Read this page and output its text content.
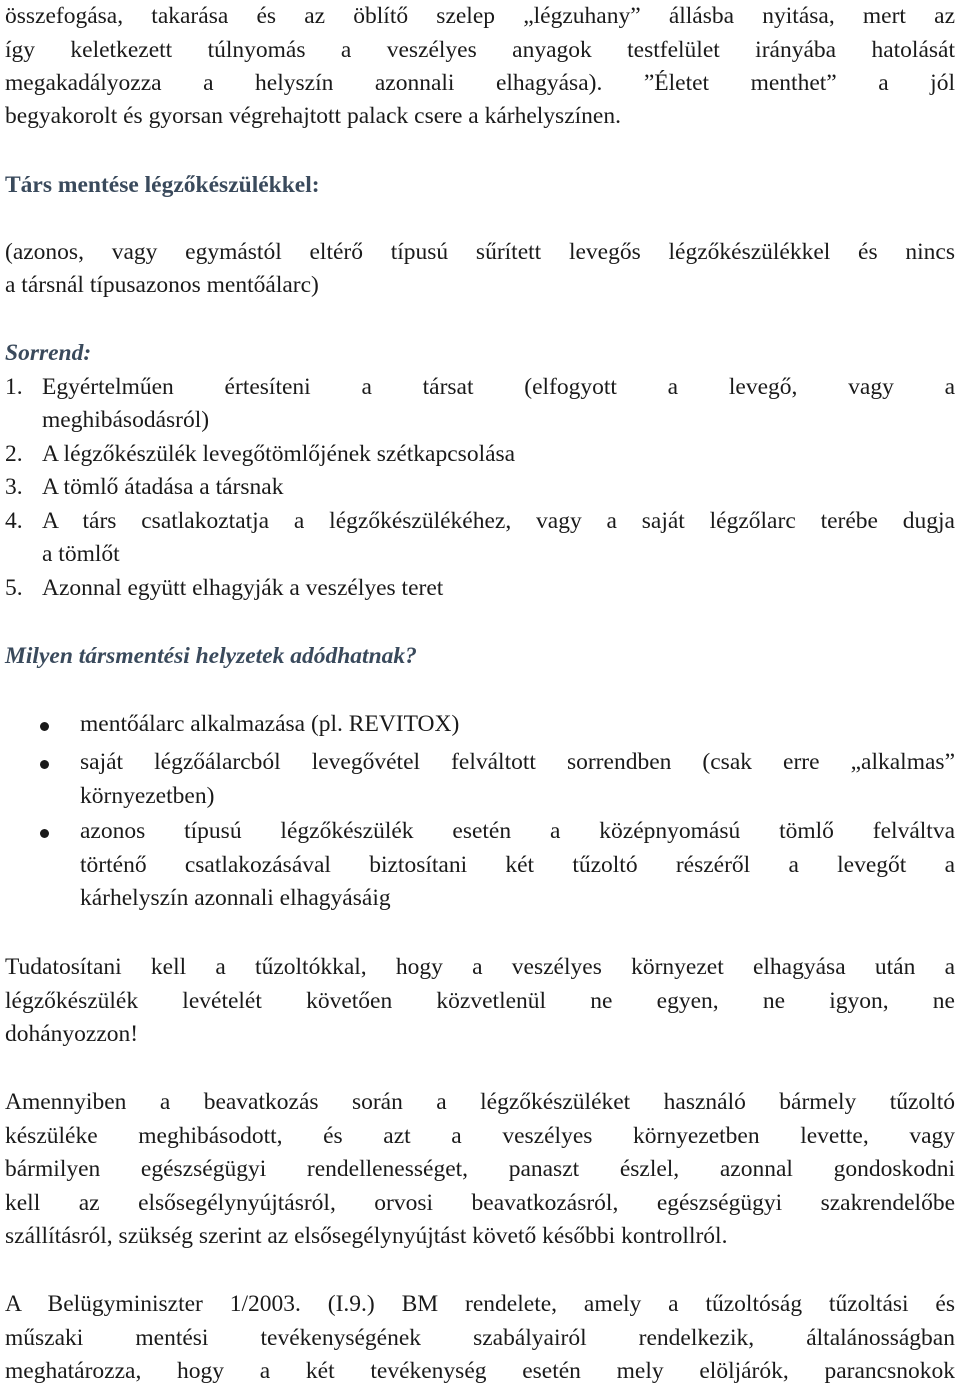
összefogása, takarása és az öblítő szelep „légzuhany” állásba nyitása, mert az
így keletkezett túlnyomás a veszélyes anyagok testfelület irányába hatolását
megakadályozza a helyszín azonnali elhagyása). ”Életet menthet” a jól
begyakorolt és gyorsan végrehajtott palack csere a kárhelyszínen.
Társ mentése légzőkészülékkel:
(azonos, vagy egymástól eltérő típusú sűrített levegős légzőkészülékkel és nincs
a társnál típusazonos mentőálarc)
Sorrend:
1. Egyértelműen értesíteni a társat (elfogyott a levegő, vagy a
meghibásodásról)
2. A légzőkészülék levegőtömlőjének szétkapcsolása
3. A tömlő átadása a társnak
4. A társ csatlakoztatja a légzőkészülékéhez, vagy a saját légzőlarc terébe dugja
a tömlőt
5. Azonnal együtt elhagyják a veszélyes teret
Milyen társmentési helyzetek adódhatnak?
mentőálarc alkalmazása (pl. REVITOX)
saját légzőálarcból levegővétel felváltott sorrendben (csak erre „alkalmas”
környezetben)
azonos típusú légzőkészülék esetén a középnyomású tömlő felváltva
történő csatlakozásával biztosítani két tűzoltó részéről a levegőt a
kárhelyszín azonnali elhagyásáig
Tudatosítani kell a tűzoltókkal, hogy a veszélyes környezet elhagyása után a
légzőkészülék levételét követően közvetlenül ne egyen, ne igyon, ne
dohányozzon!
Amennyiben a beavatkozás során a légzőkészüléket használó bármely tűzoltó
készüléke meghibásodott, és azt a veszélyes környezetben levette, vagy
bármilyen egészségügyi rendellenességet, panaszt észlel, azonnal gondoskodni
kell az elsősegélynyújtásról, orvosi beavatkozásról, egészségügyi szakrendelőbe
szállításról, szükség szerint az elsősegélynyújtást követő későbbi kontrollról.
A Belügyminiszter 1/2003. (I.9.) BM rendelete, amely a tűzoltóság tűzoltási és
műszaki mentési tevékenységének szabályairól rendelkezik, általánosságban
meghatározza, hogy a két tevékenység esetén mely elöljárók, parancsnokok
